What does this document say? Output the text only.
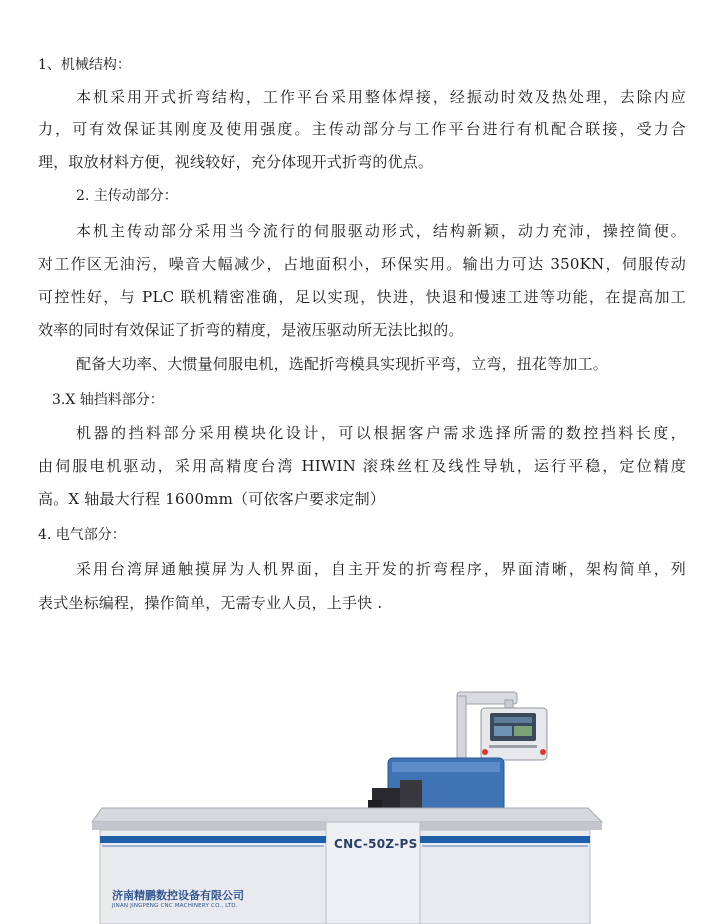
1、机械结构：
本机采用开式折弯结构，工作平台采用整体焊接，经振动时效及热处理，去除内应
力，可有效保证其刚度及使用强度。主传动部分与工作平台进行有机配合联接，受力合
理，取放材料方便，视线较好，充分体现开式折弯的优点。
2. 主传动部分：
本机主传动部分采用当今流行的伺服驱动形式，结构新颖，动力充沛，操控简便。
对工作区无油污，噪音大幅减少，占地面积小，环保实用。输出力可达 350KN，伺服传动
可控性好，与 PLC 联机精密准确，足以实现，快进，快退和慢速工进等功能，在提高加工
效率的同时有效保证了折弯的精度，是液压驱动所无法比拟的。
配备大功率、大惯量伺服电机，选配折弯模具实现折平弯，立弯，扭花等加工。
3.X 轴挡料部分：
机器的挡料部分采用模块化设计，可以根据客户需求选择所需的数控挡料长度，
由伺服电机驱动，采用高精度台湾 HIWIN 滚珠丝杠及线性导轨，运行平稳，定位精度
高。X 轴最大行程 1600mm（可依客户要求定制）
4. 电气部分：
采用台湾屏通触摸屏为人机界面，自主开发的折弯程序，界面清晰，架构简单，列
表式坐标编程，操作简单，无需专业人员，上手快 .
CNC-50Z-PS
济南精鹏数控设备有限公司
JINAN JINGPENG CNC MACHINERY CO., LTD.
